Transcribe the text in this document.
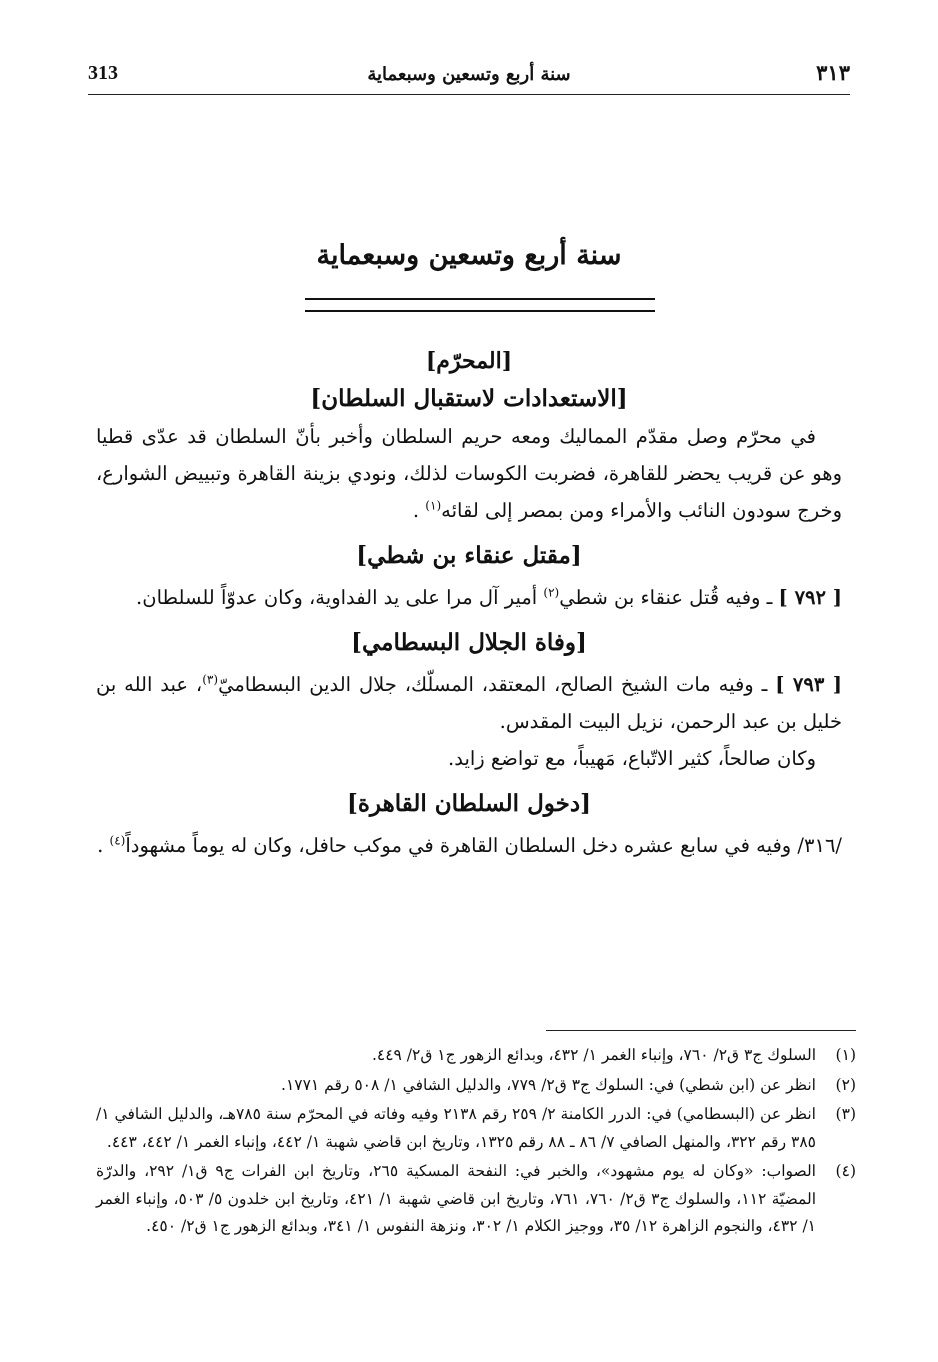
313	سنة أربع وتسعين وسبعماية	٣١٣
سنة أربع وتسعين وسبعماية

[المحرّم]

[الاستعدادات لاستقبال السلطان]

في محرّم وصل مقدّم المماليك ومعه حريم السلطان وأخبر بأنّ السلطان قد عدّى قطيا وهو عن قريب يحضر للقاهرة، فضربت الكوسات لذلك، ونودي بزينة القاهرة وتبييض الشوارع، وخرج سودون النائب والأمراء ومن بمصر إلى لقائه$^{(١)}$ .

[مقتل عنقاء بن شطي]

[ ٧٩٢ ] ـ وفيه قُتل عنقاء بن شطي$^{(٢)}$ أمير آل مرا على يد الفداوية، وكان عدوّاً للسلطان.

[وفاة الجلال البسطامي]

[ ٧٩٣ ] ـ وفيه مات الشيخ الصالح، المعتقد، المسلّك، جلال الدين البسطاميّ$^{(٣)}$، عبد الله بن خليل بن عبد الرحمن، نزيل البيت المقدس.

وكان صالحاً، كثير الاتّباع، مَهيباً، مع تواضع زايد.

[دخول السلطان القاهرة]

/٣١٦/ وفيه في سابع عشره دخل السلطان القاهرة في موكب حافل، وكان له يوماً مشهوداً$^{(٤)}$ .

(١)
السلوك ج٣ ق٢/ ٧٦٠، وإنباء الغمر ١/ ٤٣٢، وبدائع الزهور ج١ ق٢/ ٤٤٩.
(٢)
انظر عن (ابن شطي) في: السلوك ج٣ ق٢/ ٧٧٩، والدليل الشافي ١/ ٥٠٨ رقم ١٧٧١.
(٣)
انظر عن (البسطامي) في: الدرر الكامنة ٢/ ٢٥٩ رقم ٢١٣٨ وفيه وفاته في المحرّم سنة ٧٨٥هـ، والدليل الشافي ١/ ٣٨٥ رقم ٣٢٢، والمنهل الصافي ٧/ ٨٦ ـ ٨٨ رقم ١٣٢٥، وتاريخ ابن قاضي شهبة ١/ ٤٤٢، وإنباء الغمر ١/ ٤٤٢، ٤٤٣.
(٤)
الصواب: «وكان له يوم مشهود»، والخبر في: النفحة المسكية ٢٦٥، وتاريخ ابن الفرات ج٩ ق١/ ٢٩٢، والدرّة المضيّة ١١٢، والسلوك ج٣ ق٢/ ٧٦٠، ٧٦١، وتاريخ ابن قاضي شهبة ١/ ٤٢١، وتاريخ ابن خلدون ٥/ ٥٠٣، وإنباء الغمر ١/ ٤٣٢، والنجوم الزاهرة ١٢/ ٣٥، ووجيز الكلام ١/ ٣٠٢، ونزهة النفوس ١/ ٣٤١، وبدائع الزهور ج١ ق٢/ ٤٥٠.
